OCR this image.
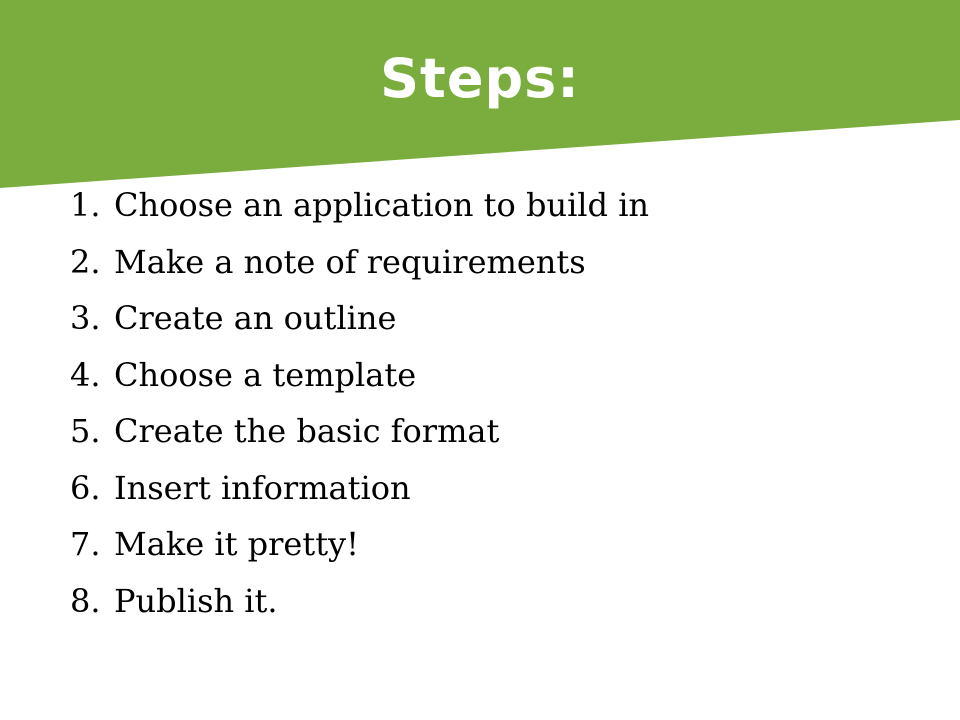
Steps:
1. Choose an application to build in
2. Make a note of requirements
3. Create an outline
4. Choose a template
5. Create the basic format
6. Insert information
7. Make it pretty!
8. Publish it.
